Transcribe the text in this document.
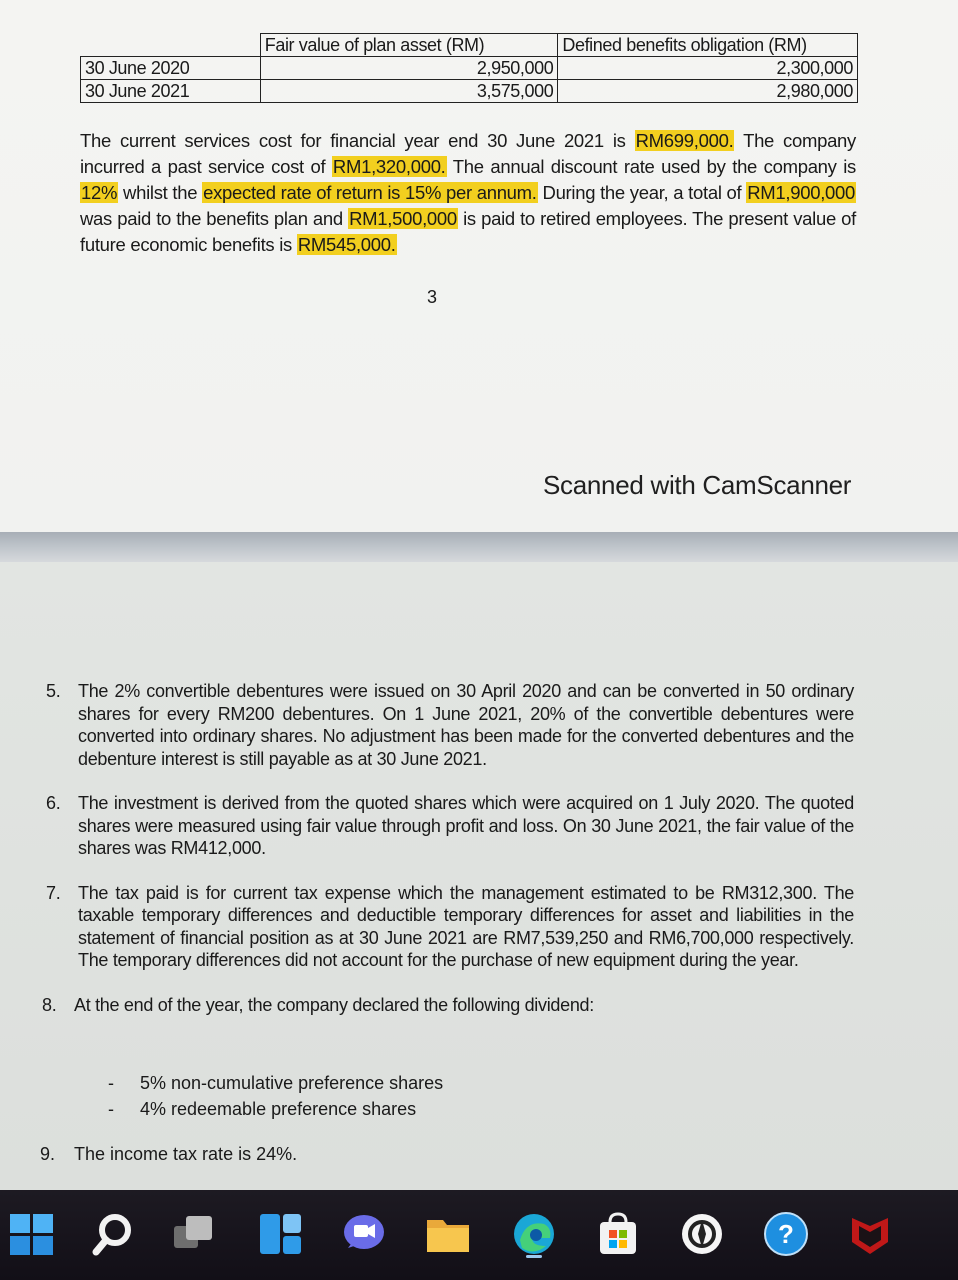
	Fair value of plan asset (RM)	Defined benefits obligation (RM)
30 June 2020	2,950,000	2,300,000
30 June 2021	3,575,000	2,980,000

The current services cost for financial year end 30 June 2021 is RM699,000. The company incurred a past service cost of RM1,320,000. The annual discount rate used by the company is 12% whilst the expected rate of return is 15% per annum. During the year, a total of RM1,900,000 was paid to the benefits plan and RM1,500,000 is paid to retired employees. The present value of future economic benefits is RM545,000.

3
Scanned with CamScanner
5. The 2% convertible debentures were issued on 30 April 2020 and can be converted in 50 ordinary shares for every RM200 debentures. On 1 June 2021, 20% of the convertible debentures were converted into ordinary shares. No adjustment has been made for the converted debentures and the debenture interest is still payable as at 30 June 2021.
6. The investment is derived from the quoted shares which were acquired on 1 July 2020. The quoted shares were measured using fair value through profit and loss. On 30 June 2021, the fair value of the shares was RM412,000.
7. The tax paid is for current tax expense which the management estimated to be RM312,300. The taxable temporary differences and deductible temporary differences for asset and liabilities in the statement of financial position as at 30 June 2021 are RM7,539,250 and RM6,700,000 respectively. The temporary differences did not account for the purchase of new equipment during the year.
8. At the end of the year, the company declared the following dividend:
-	5% non-cumulative preference shares
-	4% redeemable preference shares
9.	The income tax rate is 24%.
?
